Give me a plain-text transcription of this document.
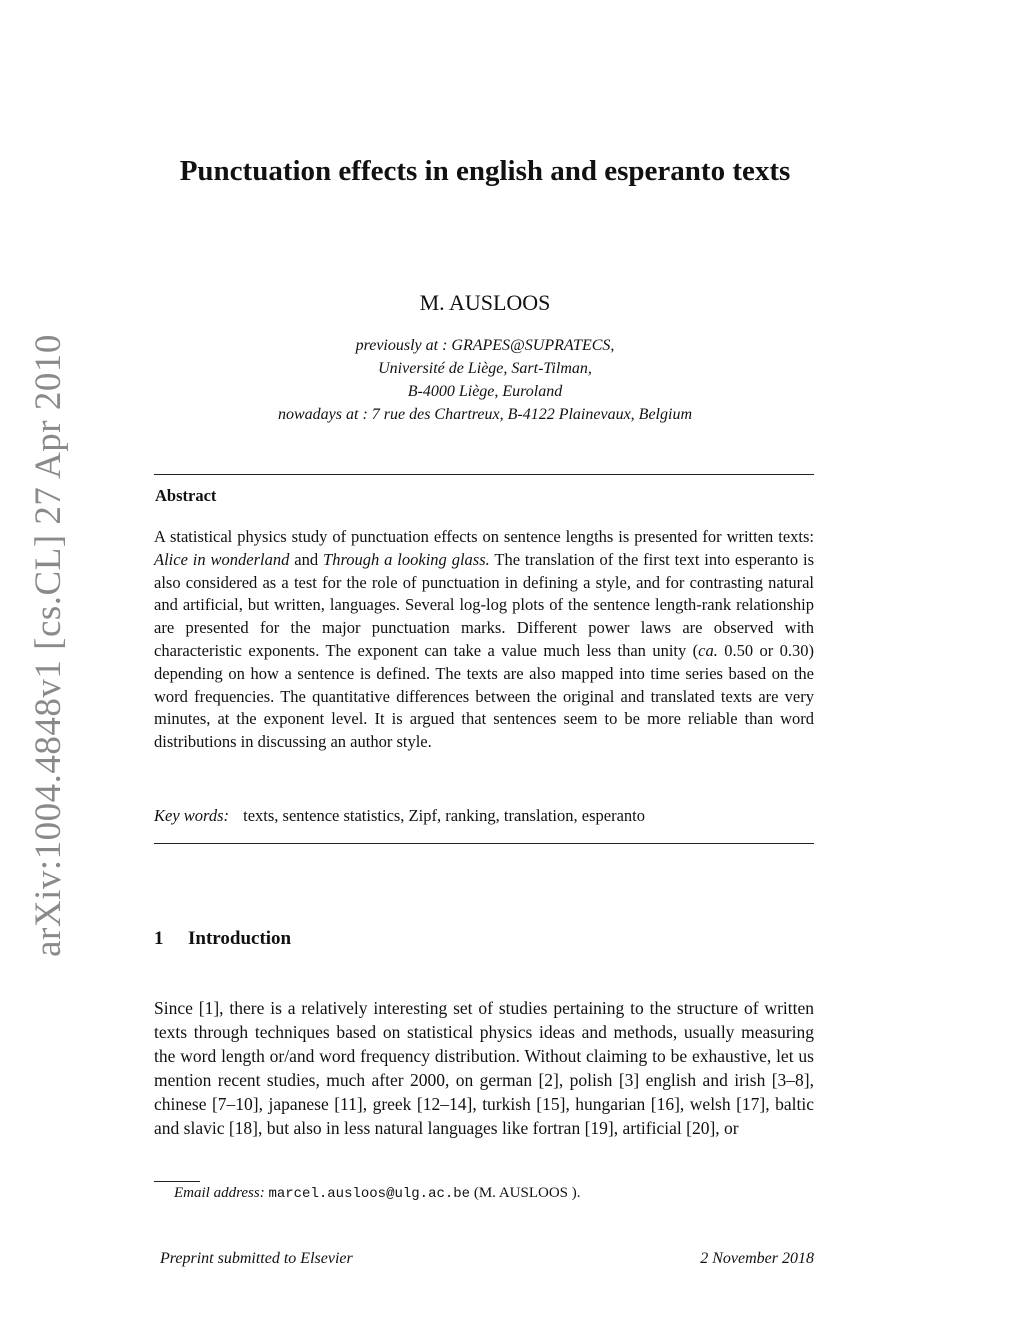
arXiv:1004.4848v1 [cs.CL] 27 Apr 2010
Punctuation effects in english and esperanto texts
M. AUSLOOS
previously at : GRAPES@SUPRATECS,
Université de Liège, Sart-Tilman,
B-4000 Liège, Euroland
nowadays at : 7 rue des Chartreux, B-4122 Plainevaux, Belgium
Abstract

A statistical physics study of punctuation effects on sentence lengths is presented for written texts: Alice in wonderland and Through a looking glass. The translation of the first text into esperanto is also considered as a test for the role of punctuation in defining a style, and for contrasting natural and artificial, but written, languages. Several log-log plots of the sentence length-rank relationship are presented for the major punctuation marks. Different power laws are observed with characteristic exponents. The exponent can take a value much less than unity (ca. 0.50 or 0.30) depending on how a sentence is defined. The texts are also mapped into time series based on the word frequencies. The quantitative differences between the original and translated texts are very minutes, at the exponent level. It is argued that sentences seem to be more reliable than word distributions in discussing an author style.

Key words: texts, sentence statistics, Zipf, ranking, translation, esperanto
1 Introduction

Since [1], there is a relatively interesting set of studies pertaining to the structure of written texts through techniques based on statistical physics ideas and methods, usually measuring the word length or/and word frequency distribution. Without claiming to be exhaustive, let us mention recent studies, much after 2000, on german [2], polish [3] english and irish [3–8], chinese [7–10], japanese [11], greek [12–14], turkish [15], hungarian [16], welsh [17], baltic and slavic [18], but also in less natural languages like fortran [19], artificial [20], or

Email address: marcel.ausloos@ulg.ac.be (M. AUSLOOS ).
Preprint submitted to Elsevier	2 November 2018
